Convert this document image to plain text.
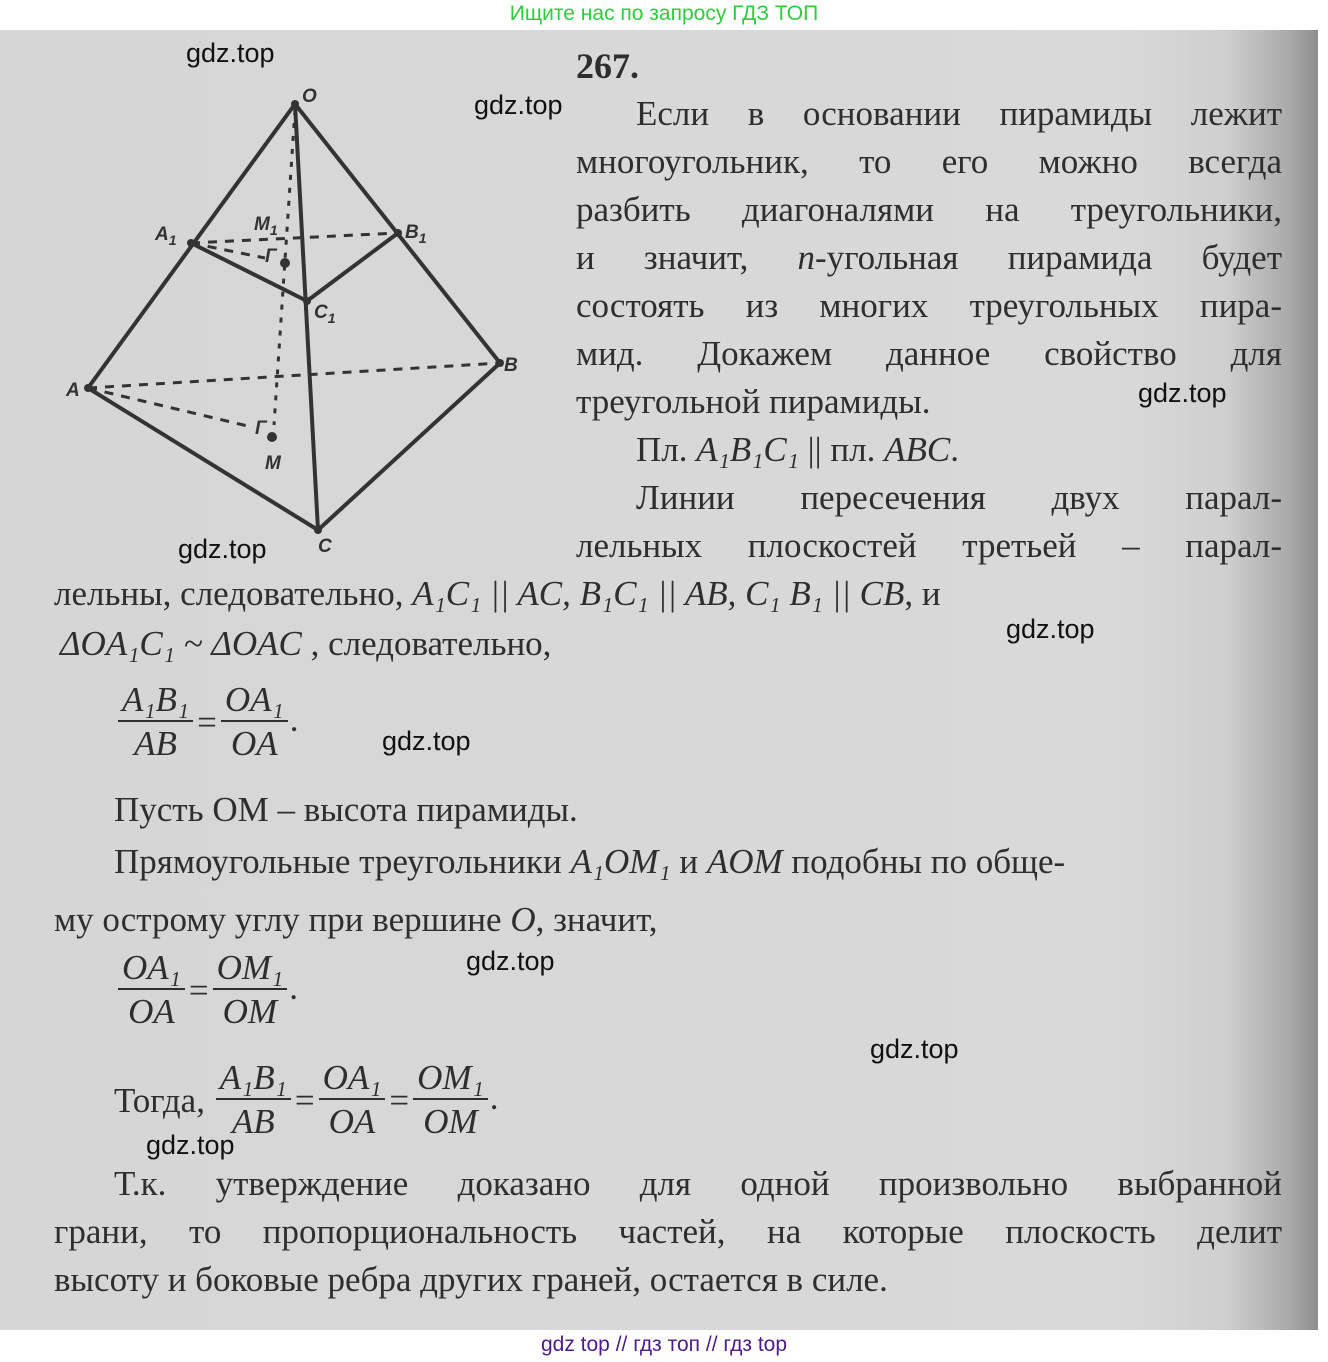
Ищите нас по запросу ГДЗ ТОП
O
$A_1$	$B_1$
$C_1$
$M_1$
Г
A
B
C
Г
M
267.
Если в основании пирамиды лежит
многоугольник, то его можно всегда
разбить диагоналями на треугольники,
и значит, n-угольная пирамида будет
состоять из многих треугольных пира-
мид. Докажем данное свойство для
треугольной пирамиды.
Пл. A₁B₁C₁ || пл. ABC.
Линии пересечения двух парал-
лельных плоскостей третьей – парал-
лельны, следовательно, A₁C₁ || AC, B₁C₁ || AB, C₁ B₁ || CB, и
ΔOA₁C₁ ~ ΔOAC , следовательно,
$\frac{\text{A₁B₁}}{AB} = \frac{\text{OA₁}}{OA}$ .
Пусть OM – высота пирамиды.
Прямоугольные треугольники A₁OM₁ и AOM подобны по обще-
му острому углу при вершине O, значит,
$\frac{\text{OA₁}}{OA} = \frac{\text{OM₁}}{OM}$ .
Тогда, $\frac{\text{A₁B₁}}{AB} = \frac{\text{OA₁}}{OA} = \frac{\text{OM₁}}{OM}$ .
Т.к. утверждение доказано для одной произвольно выбранной
грани, то пропорциональность частей, на которые плоскость делит
высоту и боковые ребра других граней, остается в силе.
gdz.top
gdz.top
gdz.top
gdz.top
gdz.top
gdz.top
gdz.top
gdz.top
gdz.top
gdz top // гдз топ // гдз top
